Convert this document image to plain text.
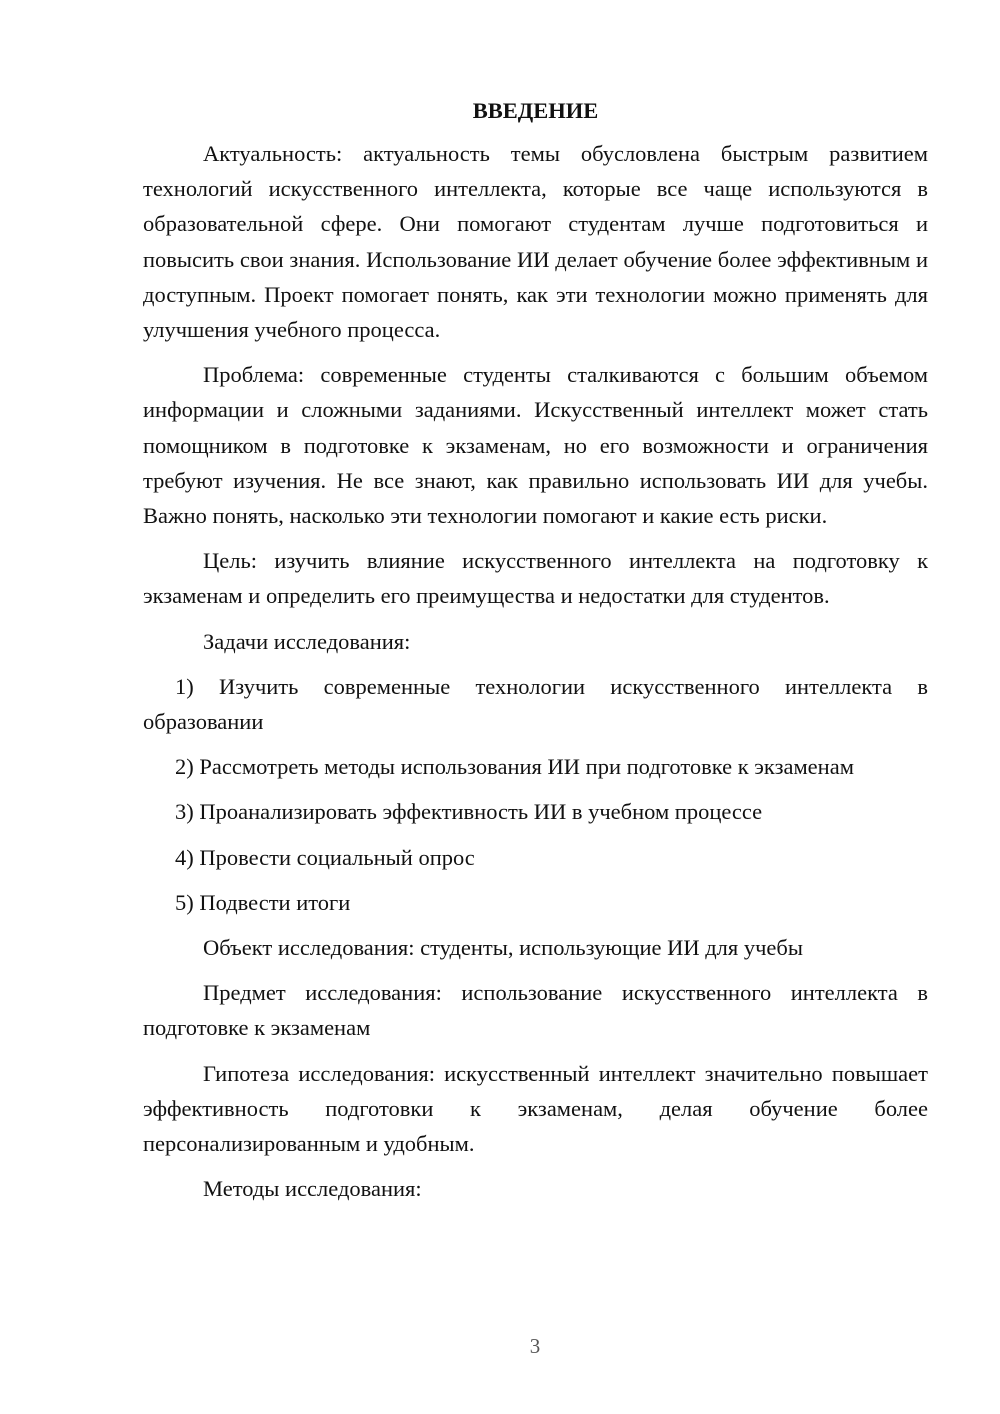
ВВЕДЕНИЕ

Актуальность: актуальность темы обусловлена быстрым развитием технологий искусственного интеллекта, которые все чаще используются в образовательной сфере. Они помогают студентам лучше подготовиться и повысить свои знания. Использование ИИ делает обучение более эффективным и доступным. Проект помогает понять, как эти технологии можно применять для улучшения учебного процесса.

Проблема: современные студенты сталкиваются с большим объемом информации и сложными заданиями. Искусственный интеллект может стать помощником в подготовке к экзаменам, но его возможности и ограничения требуют изучения. Не все знают, как правильно использовать ИИ для учебы. Важно понять, насколько эти технологии помогают и какие есть риски.

Цель: изучить влияние искусственного интеллекта на подготовку к экзаменам и определить его преимущества и недостатки для студентов.

Задачи исследования:

1) Изучить современные технологии искусственного интеллекта в образовании

2) Рассмотреть методы использования ИИ при подготовке к экзаменам

3) Проанализировать эффективность ИИ в учебном процессе

4) Провести социальный опрос

5) Подвести итоги

Объект исследования: студенты, использующие ИИ для учебы

Предмет исследования: использование искусственного интеллекта в подготовке к экзаменам

Гипотеза исследования: искусственный интеллект значительно повышает эффективность подготовки к экзаменам, делая обучение более персонализированным и удобным.

Методы исследования:

3
